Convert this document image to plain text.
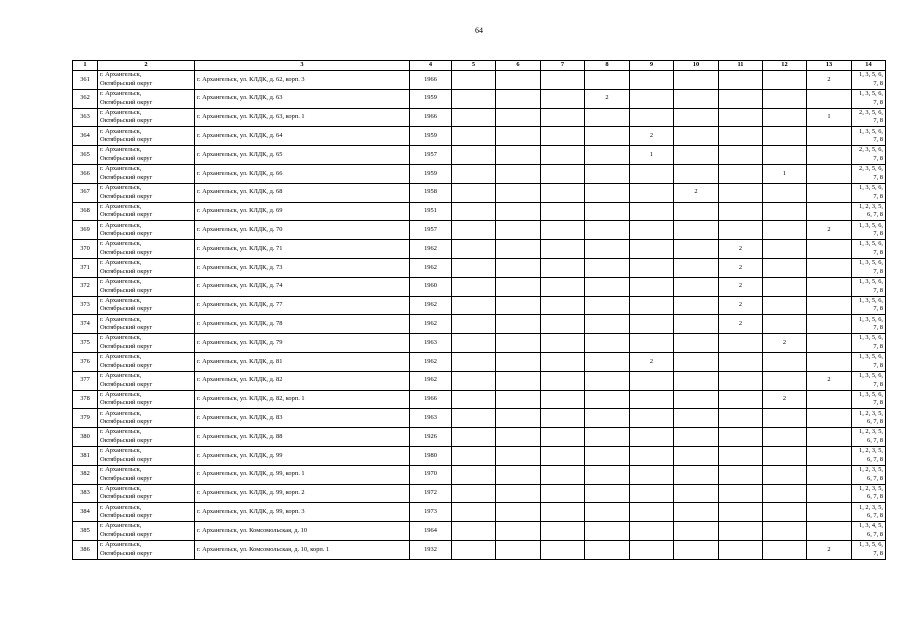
64
1	2	3	4	5	6	7	8	9	10	11	12	13	14
361	г. Архангельск,
Октябрьский округ	г. Архангельск, ул. КЛДК, д. 62, корп. 3	1966									2	1, 3, 5, 6, 7, 8
362	г. Архангельск,
Октябрьский округ	г. Архангельск, ул. КЛДК, д. 63	1959				2						1, 3, 5, 6, 7, 8
363	г. Архангельск,
Октябрьский округ	г. Архангельск, ул. КЛДК, д. 63, корп. 1	1966									1	2, 3, 5, 6, 7, 8
364	г. Архангельск,
Октябрьский округ	г. Архангельск, ул. КЛДК, д. 64	1959					2					1, 3, 5, 6, 7, 8
365	г. Архангельск,
Октябрьский округ	г. Архангельск, ул. КЛДК, д. 65	1957					1					2, 3, 5, 6, 7, 8
366	г. Архангельск,
Октябрьский округ	г. Архангельск, ул. КЛДК, д. 66	1959								1		2, 3, 5, 6, 7, 8
367	г. Архангельск,
Октябрьский округ	г. Архангельск, ул. КЛДК, д. 68	1958						2				1, 3, 5, 6, 7, 8
368	г. Архангельск,
Октябрьский округ	г. Архангельск, ул. КЛДК, д. 69	1951										1, 2, 3, 5, 6, 7, 8
369	г. Архангельск,
Октябрьский округ	г. Архангельск, ул. КЛДК, д. 70	1957									2	1, 3, 5, 6, 7, 8
370	г. Архангельск,
Октябрьский округ	г. Архангельск, ул. КЛДК, д. 71	1962							2			1, 3, 5, 6, 7, 8
371	г. Архангельск,
Октябрьский округ	г. Архангельск, ул. КЛДК, д. 73	1962							2			1, 3, 5, 6, 7, 8
372	г. Архангельск,
Октябрьский округ	г. Архангельск, ул. КЛДК, д. 74	1960							2			1, 3, 5, 6, 7, 8
373	г. Архангельск,
Октябрьский округ	г. Архангельск, ул. КЛДК, д. 77	1962							2			1, 3, 5, 6, 7, 8
374	г. Архангельск,
Октябрьский округ	г. Архангельск, ул. КЛДК, д. 78	1962							2			1, 3, 5, 6, 7, 8
375	г. Архангельск,
Октябрьский округ	г. Архангельск, ул. КЛДК, д. 79	1963								2		1, 3, 5, 6, 7, 8
376	г. Архангельск,
Октябрьский округ	г. Архангельск, ул. КЛДК, д. 81	1962					2					1, 3, 5, 6, 7, 8
377	г. Архангельск,
Октябрьский округ	г. Архангельск, ул. КЛДК, д. 82	1962									2	1, 3, 5, 6, 7, 8
378	г. Архангельск,
Октябрьский округ	г. Архангельск, ул. КЛДК, д. 82, корп. 1	1966								2		1, 3, 5, 6, 7, 8
379	г. Архангельск,
Октябрьский округ	г. Архангельск, ул. КЛДК, д. 83	1963										1, 2, 3, 5, 6, 7, 8
380	г. Архангельск,
Октябрьский округ	г. Архангельск, ул. КЛДК, д. 88	1926										1, 2, 3, 5, 6, 7, 8
381	г. Архангельск,
Октябрьский округ	г. Архангельск, ул. КЛДК, д. 99	1980										1, 2, 3, 5, 6, 7, 8
382	г. Архангельск,
Октябрьский округ	г. Архангельск, ул. КЛДК, д. 99, корп. 1	1970										1, 2, 3, 5, 6, 7, 8
383	г. Архангельск,
Октябрьский округ	г. Архангельск, ул. КЛДК, д. 99, корп. 2	1972										1, 2, 3, 5, 6, 7, 8
384	г. Архангельск,
Октябрьский округ	г. Архангельск, ул. КЛДК, д. 99, корп. 3	1973										1, 2, 3, 5, 6, 7, 8
385	г. Архангельск,
Октябрьский округ	г. Архангельск, ул. Комсомольская, д. 10	1964										1, 3, 4, 5, 6, 7, 8
386	г. Архангельск,
Октябрьский округ	г. Архангельск, ул. Комсомольская, д. 10, корп. 1	1932									2	1, 3, 5, 6, 7, 8
